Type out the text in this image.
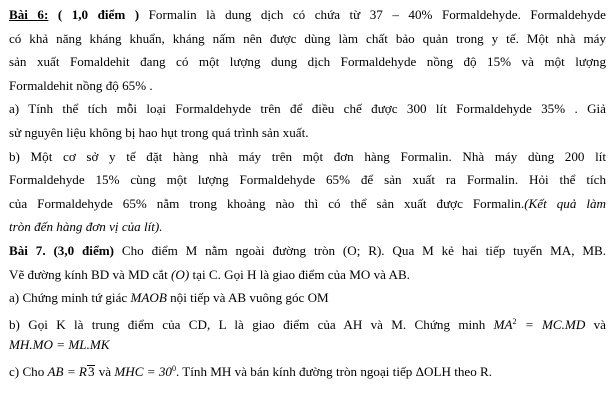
Bài 6: ( 1,0 điểm ) Formalin là dung dịch có chứa từ 37 – 40% Formaldehyde. Formaldehyde
có khả năng kháng khuẩn, kháng nấm nên được dùng làm chất bảo quản trong y tế. Một nhà máy
sản xuất Fomaldehit đang có một lượng dung dịch Formaldehyde nồng độ 15% và một lượng
Formaldehit nồng độ 65% .
a) Tính thể tích mỗi loại Formaldehyde trên để điều chế được 300 lít Formaldehyde 35% . Giả
sử nguyên liệu không bị hao hụt trong quá trình sản xuất.
b) Một cơ sở y tế đặt hàng nhà máy trên một đơn hàng Formalin. Nhà máy dùng 200 lít
Formaldehyde 15% cùng một lượng Formaldehyde 65% để sản xuất ra Formalin. Hỏi thể tích
của Formaldehyde 65% nằm trong khoảng nào thì có thể sản xuất được Formalin.(Kết quả làm
tròn đến hàng đơn vị của lít).
Bài 7. (3,0 điểm) Cho điểm M nằm ngoài đường tròn (O; R). Qua M kẻ hai tiếp tuyến MA, MB.
Vẽ đường kính BD và MD cắt (O) tại C. Gọi H là giao điểm của MO và AB.
a) Chứng minh tứ giác MAOB nội tiếp và AB vuông góc OM
b) Gọi K là trung điểm của CD, L là giao điểm của AH và M. Chứng minh $MA^2 = MC.MD$ và
MH.MO = ML.MK
c) Cho AB = R3 và MHC = $30^0$. Tính MH và bán kính đường tròn ngoại tiếp ΔOLH theo R.
